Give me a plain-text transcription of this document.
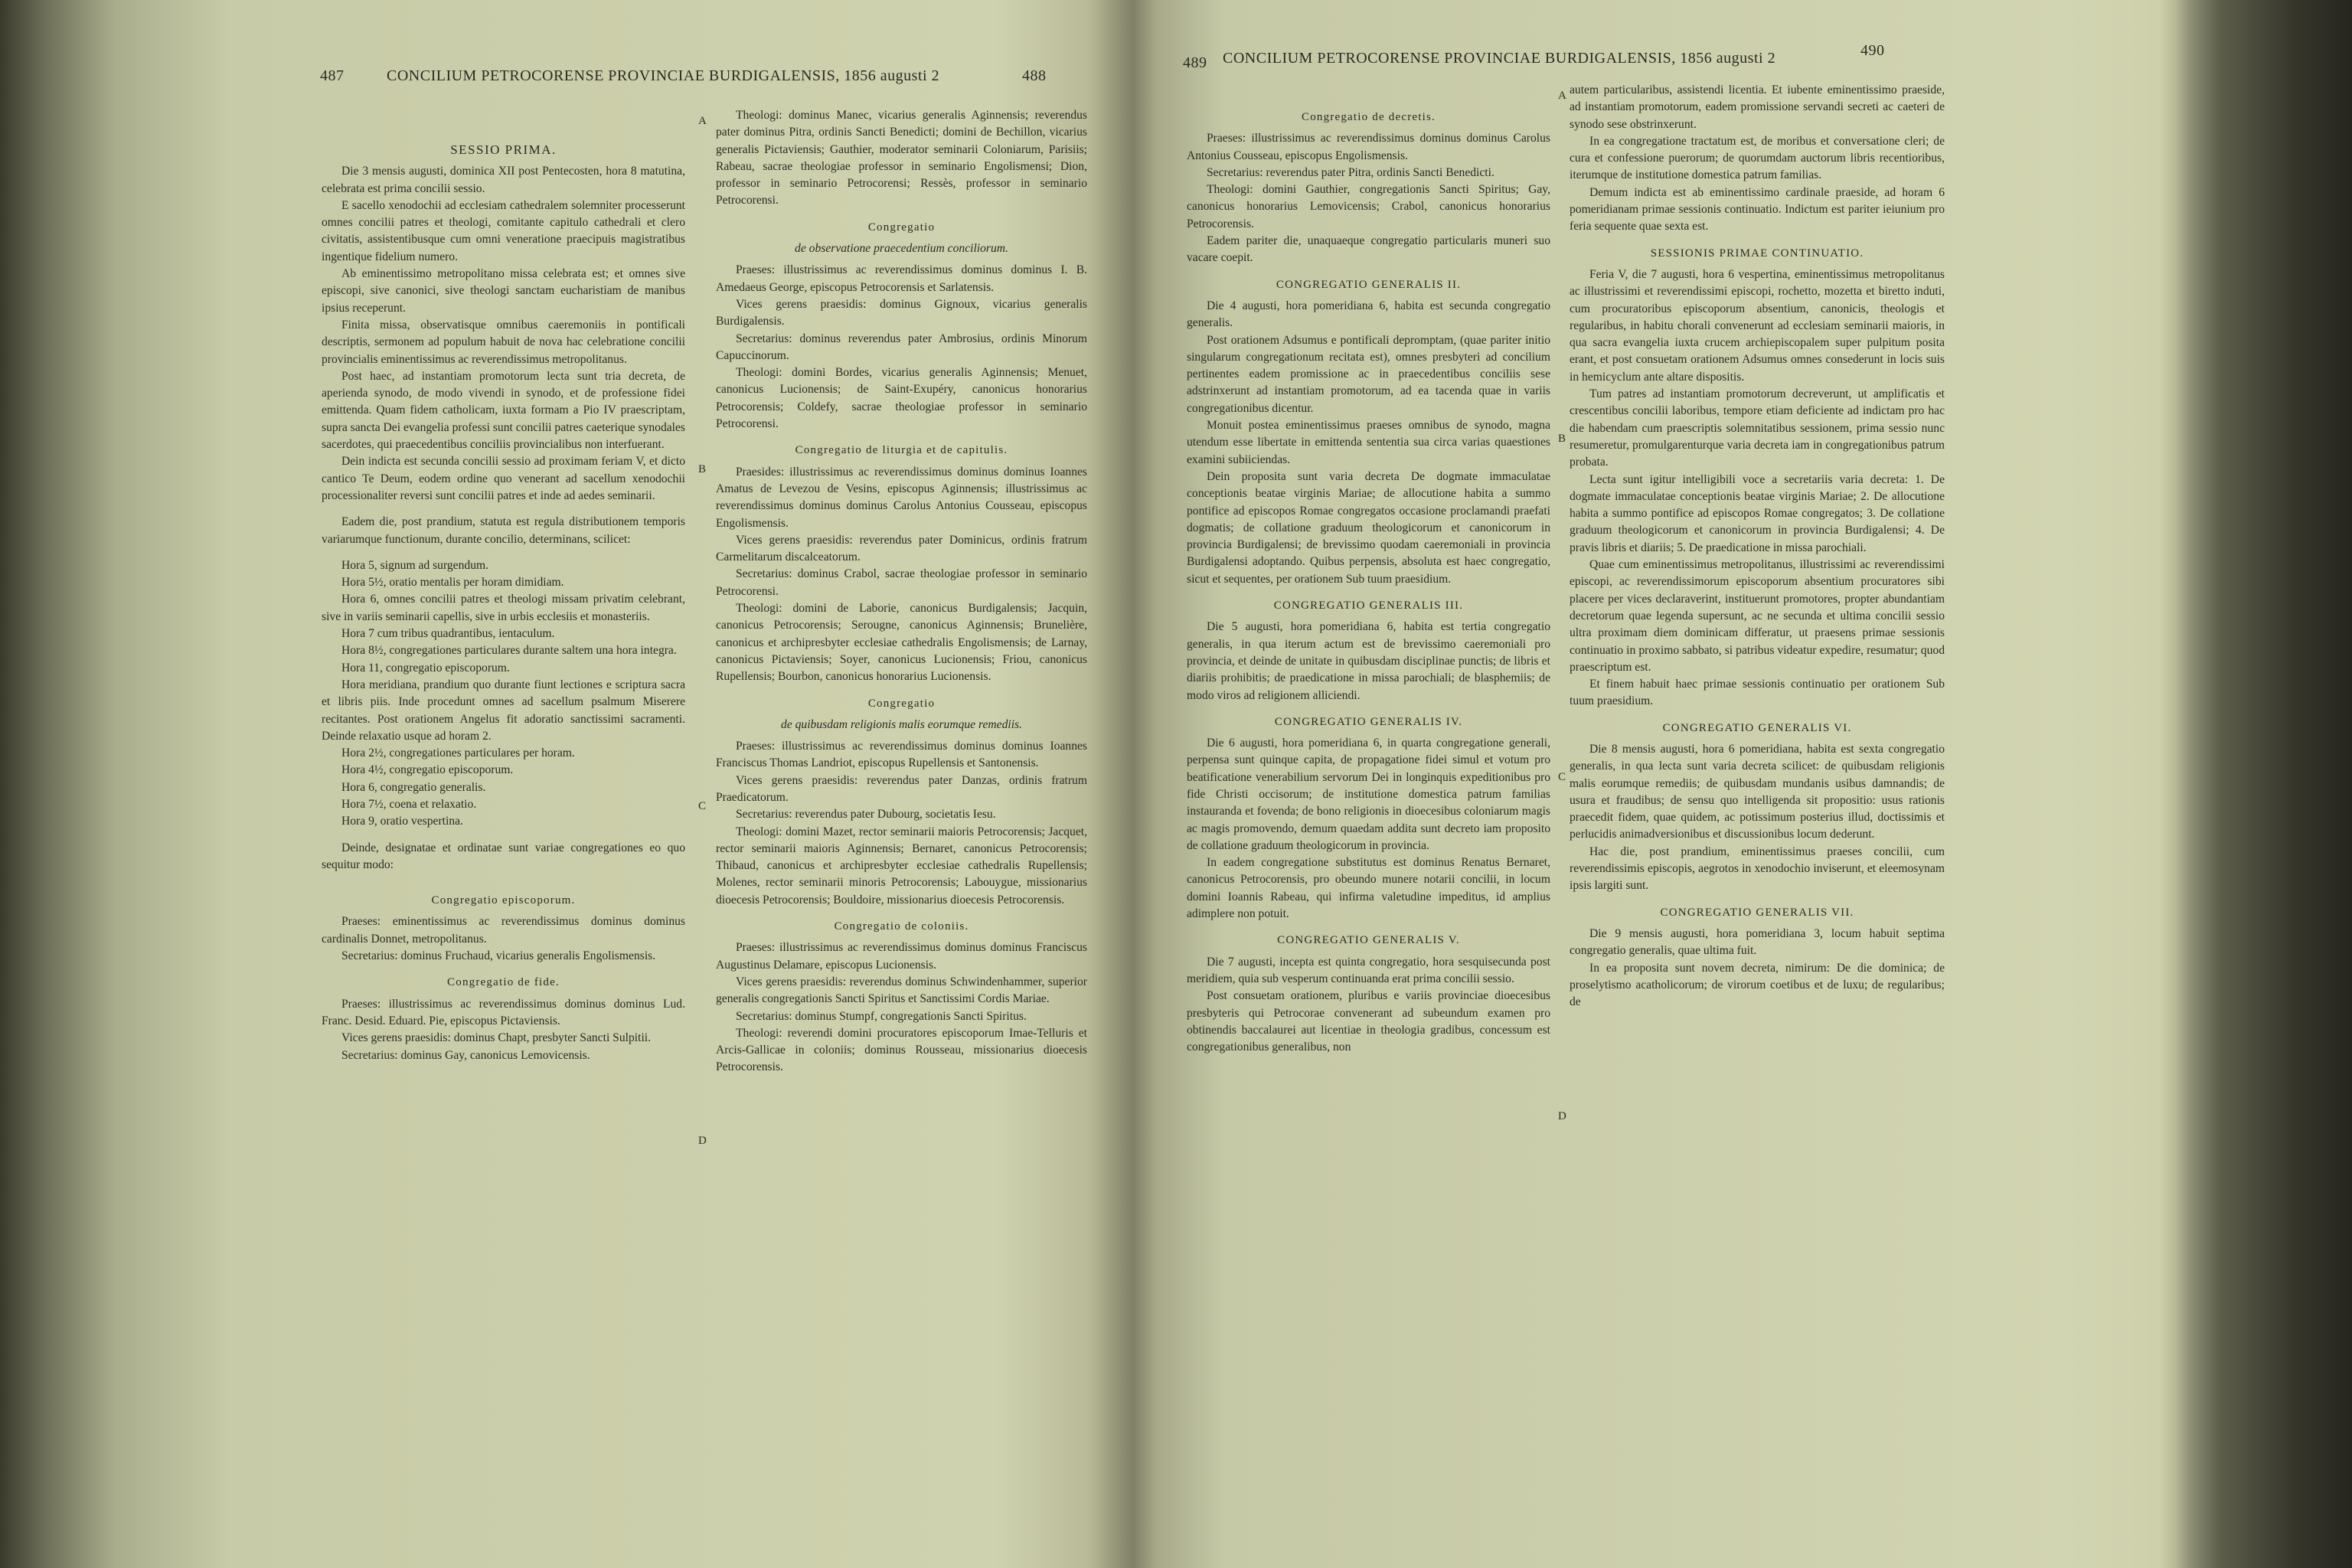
487	CONCILIUM PETROCORENSE PROVINCIAE BURDIGALENSIS, 1856 augusti 2	488

SESSIO PRIMA.

Die 3 mensis augusti, dominica XII post Pentecosten, hora 8 matutina, celebrata est prima concilii sessio.

E sacello xenodochii ad ecclesiam cathedralem solemniter processerunt omnes concilii patres et theologi, comitante capitulo cathedrali et clero civitatis, assistentibusque cum omni veneratione praecipuis magistratibus ingentique fidelium numero.

Ab eminentissimo metropolitano missa celebrata est; et omnes sive episcopi, sive canonici, sive theologi sanctam eucharistiam de manibus ipsius receperunt.

Finita missa, observatisque omnibus caeremoniis in pontificali descriptis, sermonem ad populum habuit de nova hac celebratione concilii provincialis eminentissimus ac reverendissimus metropolitanus.

Post haec, ad instantiam promotorum lecta sunt tria decreta, de aperienda synodo, de modo vivendi in synodo, et de professione fidei emittenda. Quam fidem catholicam, iuxta formam a Pio IV praescriptam, supra sancta Dei evangelia professi sunt concilii patres caeterique synodales sacerdotes, qui praecedentibus conciliis provincialibus non interfuerant.

Dein indicta est secunda concilii sessio ad proximam feriam V, et dicto cantico Te Deum, eodem ordine quo venerant ad sacellum xenodochii processionaliter reversi sunt concilii patres et inde ad aedes seminarii.

Eadem die, post prandium, statuta est regula distributionem temporis variarumque functionum, durante concilio, determinans, scilicet:

Hora 5, signum ad surgendum.

Hora 5½, oratio mentalis per horam dimidiam.

Hora 6, omnes concilii patres et theologi missam privatim celebrant, sive in variis seminarii capellis, sive in urbis ecclesiis et monasteriis.

Hora 7 cum tribus quadrantibus, ientaculum.

Hora 8½, congregationes particulares durante saltem una hora integra.

Hora 11, congregatio episcoporum.

Hora meridiana, prandium quo durante fiunt lectiones e scriptura sacra et libris piis. Inde procedunt omnes ad sacellum psalmum Miserere recitantes. Post orationem Angelus fit adoratio sanctissimi sacramenti. Deinde relaxatio usque ad horam 2.

Hora 2½, congregationes particulares per horam.

Hora 4½, congregatio episcoporum.

Hora 6, congregatio generalis.

Hora 7½, coena et relaxatio.

Hora 9, oratio vespertina.

Deinde, designatae et ordinatae sunt variae congregationes eo quo sequitur modo:

Congregatio episcoporum.

Praeses: eminentissimus ac reverendissimus dominus dominus cardinalis Donnet, metropolitanus.

Secretarius: dominus Fruchaud, vicarius generalis Engolismensis.

Congregatio de fide.

Praeses: illustrissimus ac reverendissimus dominus dominus Lud. Franc. Desid. Eduard. Pie, episcopus Pictaviensis.

Vices gerens praesidis: dominus Chapt, presbyter Sancti Sulpitii.

Secretarius: dominus Gay, canonicus Lemovicensis.

Theologi: dominus Manec, vicarius generalis Aginnensis; reverendus pater dominus Pitra, ordinis Sancti Benedicti; domini de Bechillon, vicarius generalis Pictaviensis; Gauthier, moderator seminarii Coloniarum, Parisiis; Rabeau, sacrae theologiae professor in seminario Engolismensi; Dion, professor in seminario Petrocorensi; Ressès, professor in seminario Petrocorensi.

Congregatio

de observatione praecedentium conciliorum.

Praeses: illustrissimus ac reverendissimus dominus dominus I. B. Amedaeus George, episcopus Petrocorensis et Sarlatensis.

Vices gerens praesidis: dominus Gignoux, vicarius generalis Burdigalensis.

Secretarius: dominus reverendus pater Ambrosius, ordinis Minorum Capuccinorum.

Theologi: domini Bordes, vicarius generalis Aginnensis; Menuet, canonicus Lucionensis; de Saint-Exupéry, canonicus honorarius Petrocorensis; Coldefy, sacrae theologiae professor in seminario Petrocorensi.

Congregatio de liturgia et de capitulis.

Praesides: illustrissimus ac reverendissimus dominus dominus Ioannes Amatus de Levezou de Vesins, episcopus Aginnensis; illustrissimus ac reverendissimus dominus dominus Carolus Antonius Cousseau, episcopus Engolismensis.

Vices gerens praesidis: reverendus pater Dominicus, ordinis fratrum Carmelitarum discalceatorum.

Secretarius: dominus Crabol, sacrae theologiae professor in seminario Petrocorensi.

Theologi: domini de Laborie, canonicus Burdigalensis; Jacquin, canonicus Petrocorensis; Serougne, canonicus Aginnensis; Brunelière, canonicus et archipresbyter ecclesiae cathedralis Engolismensis; de Larnay, canonicus Pictaviensis; Soyer, canonicus Lucionensis; Friou, canonicus Rupellensis; Bourbon, canonicus honorarius Lucionensis.

Congregatio

de quibusdam religionis malis eorumque remediis.

Praeses: illustrissimus ac reverendissimus dominus dominus Ioannes Franciscus Thomas Landriot, episcopus Rupellensis et Santonensis.

Vices gerens praesidis: reverendus pater Danzas, ordinis fratrum Praedicatorum.

Secretarius: reverendus pater Dubourg, societatis Iesu.

Theologi: domini Mazet, rector seminarii maioris Petrocorensis; Jacquet, rector seminarii maioris Aginnensis; Bernaret, canonicus Petrocorensis; Thibaud, canonicus et archipresbyter ecclesiae cathedralis Rupellensis; Molenes, rector seminarii minoris Petrocorensis; Labouygue, missionarius dioecesis Petrocorensis; Bouldoire, missionarius dioecesis Petrocorensis.

Congregatio de coloniis.

Praeses: illustrissimus ac reverendissimus dominus dominus Franciscus Augustinus Delamare, episcopus Lucionensis.

Vices gerens praesidis: reverendus dominus Schwindenhammer, superior generalis congregationis Sancti Spiritus et Sanctissimi Cordis Mariae.

Secretarius: dominus Stumpf, congregationis Sancti Spiritus.

Theologi: reverendi domini procuratores episcoporum Imae-Telluris et Arcis-Gallicae in coloniis; dominus Rousseau, missionarius dioecesis Petrocorensis.

A
B
C
D
489 CONCILIUM PETROCORENSE PROVINCIAE BURDIGALENSIS, 1856 augusti 2	490

Congregatio de decretis.

Praeses: illustrissimus ac reverendissimus dominus dominus Carolus Antonius Cousseau, episcopus Engolismensis.

Secretarius: reverendus pater Pitra, ordinis Sancti Benedicti.

Theologi: domini Gauthier, congregationis Sancti Spiritus; Gay, canonicus honorarius Lemovicensis; Crabol, canonicus honorarius Petrocorensis.

Eadem pariter die, unaquaeque congregatio particularis muneri suo vacare coepit.

CONGREGATIO GENERALIS II.

Die 4 augusti, hora pomeridiana 6, habita est secunda congregatio generalis.

Post orationem Adsumus e pontificali depromptam, (quae pariter initio singularum congregationum recitata est), omnes presbyteri ad concilium pertinentes eadem promissione ac in praecedentibus conciliis sese adstrinxerunt ad instantiam promotorum, ad ea tacenda quae in variis congregationibus dicentur.

Monuit postea eminentissimus praeses omnibus de synodo, magna utendum esse libertate in emittenda sententia sua circa varias quaestiones examini subiiciendas.

Dein proposita sunt varia decreta De dogmate immaculatae conceptionis beatae virginis Mariae; de allocutione habita a summo pontifice ad episcopos Romae congregatos occasione proclamandi praefati dogmatis; de collatione graduum theologicorum et canonicorum in provincia Burdigalensi; de brevissimo quodam caeremoniali in provincia Burdigalensi adoptando. Quibus perpensis, absoluta est haec congregatio, sicut et sequentes, per orationem Sub tuum praesidium.

CONGREGATIO GENERALIS III.

Die 5 augusti, hora pomeridiana 6, habita est tertia congregatio generalis, in qua iterum actum est de brevissimo caeremoniali pro provincia, et deinde de unitate in quibusdam disciplinae punctis; de libris et diariis prohibitis; de praedicatione in missa parochiali; de blasphemiis; de modo viros ad religionem alliciendi.

CONGREGATIO GENERALIS IV.

Die 6 augusti, hora pomeridiana 6, in quarta congregatione generali, perpensa sunt quinque capita, de propagatione fidei simul et votum pro beatificatione venerabilium servorum Dei in longinquis expeditionibus pro fide Christi occisorum; de institutione domestica patrum familias instauranda et fovenda; de bono religionis in dioecesibus coloniarum magis ac magis promovendo, demum quaedam addita sunt decreto iam proposito de collatione graduum theologicorum in provincia.

In eadem congregatione substitutus est dominus Renatus Bernaret, canonicus Petrocorensis, pro obeundo munere notarii concilii, in locum domini Ioannis Rabeau, qui infirma valetudine impeditus, id amplius adimplere non potuit.

CONGREGATIO GENERALIS V.

Die 7 augusti, incepta est quinta congregatio, hora sesquisecunda post meridiem, quia sub vesperum continuanda erat prima concilii sessio.

Post consuetam orationem, pluribus e variis provinciae dioecesibus presbyteris qui Petrocorae convenerant ad subeundum examen pro obtinendis baccalaurei aut licentiae in theologia gradibus, concessum est congregationibus generalibus, non

autem particularibus, assistendi licentia. Et iubente eminentissimo praeside, ad instantiam promotorum, eadem promissione servandi secreti ac caeteri de synodo sese obstrinxerunt.

In ea congregatione tractatum est, de moribus et conversatione cleri; de cura et confessione puerorum; de quorumdam auctorum libris recentioribus, iterumque de institutione domestica patrum familias.

Demum indicta est ab eminentissimo cardinale praeside, ad horam 6 pomeridianam primae sessionis continuatio. Indictum est pariter ieiunium pro feria sequente quae sexta est.

SESSIONIS PRIMAE CONTINUATIO.

Feria V, die 7 augusti, hora 6 vespertina, eminentissimus metropolitanus ac illustrissimi et reverendissimi episcopi, rochetto, mozetta et biretto induti, cum procuratoribus episcoporum absentium, canonicis, theologis et regularibus, in habitu chorali convenerunt ad ecclesiam seminarii maioris, in qua sacra evangelia iuxta crucem archiepiscopalem super pulpitum posita erant, et post consuetam orationem Adsumus omnes consederunt in locis suis in hemicyclum ante altare dispositis.

Tum patres ad instantiam promotorum decreverunt, ut amplificatis et crescentibus concilii laboribus, tempore etiam deficiente ad indictam pro hac die habendam cum praescriptis solemnitatibus sessionem, prima sessio nunc resumeretur, promulgarenturque varia decreta iam in congregationibus patrum probata.

Lecta sunt igitur intelligibili voce a secretariis varia decreta: 1. De dogmate immaculatae conceptionis beatae virginis Mariae; 2. De allocutione habita a summo pontifice ad episcopos Romae congregatos; 3. De collatione graduum theologicorum et canonicorum in provincia Burdigalensi; 4. De pravis libris et diariis; 5. De praedicatione in missa parochiali.

Quae cum eminentissimus metropolitanus, illustrissimi ac reverendissimi episcopi, ac reverendissimorum episcoporum absentium procuratores sibi placere per vices declaraverint, instituerunt promotores, propter abundantiam decretorum quae legenda supersunt, ac ne secunda et ultima concilii sessio ultra proximam diem dominicam differatur, ut praesens primae sessionis continuatio in proximo sabbato, si patribus videatur expedire, resumatur; quod praescriptum est.

Et finem habuit haec primae sessionis continuatio per orationem Sub tuum praesidium.

CONGREGATIO GENERALIS VI.

Die 8 mensis augusti, hora 6 pomeridiana, habita est sexta congregatio generalis, in qua lecta sunt varia decreta scilicet: de quibusdam religionis malis eorumque remediis; de quibusdam mundanis usibus damnandis; de usura et fraudibus; de sensu quo intelligenda sit propositio: usus rationis praecedit fidem, quae quidem, ac potissimum posterius illud, doctissimis et perlucidis animadversionibus et discussionibus locum dederunt.

Hac die, post prandium, eminentissimus praeses concilii, cum reverendissimis episcopis, aegrotos in xenodochio inviserunt, et eleemosynam ipsis largiti sunt.

CONGREGATIO GENERALIS VII.

Die 9 mensis augusti, hora pomeridiana 3, locum habuit septima congregatio generalis, quae ultima fuit.

In ea proposita sunt novem decreta, nimirum: De die dominica; de proselytismo acatholicorum; de virorum coetibus et de luxu; de regularibus; de

A
B
C
D
